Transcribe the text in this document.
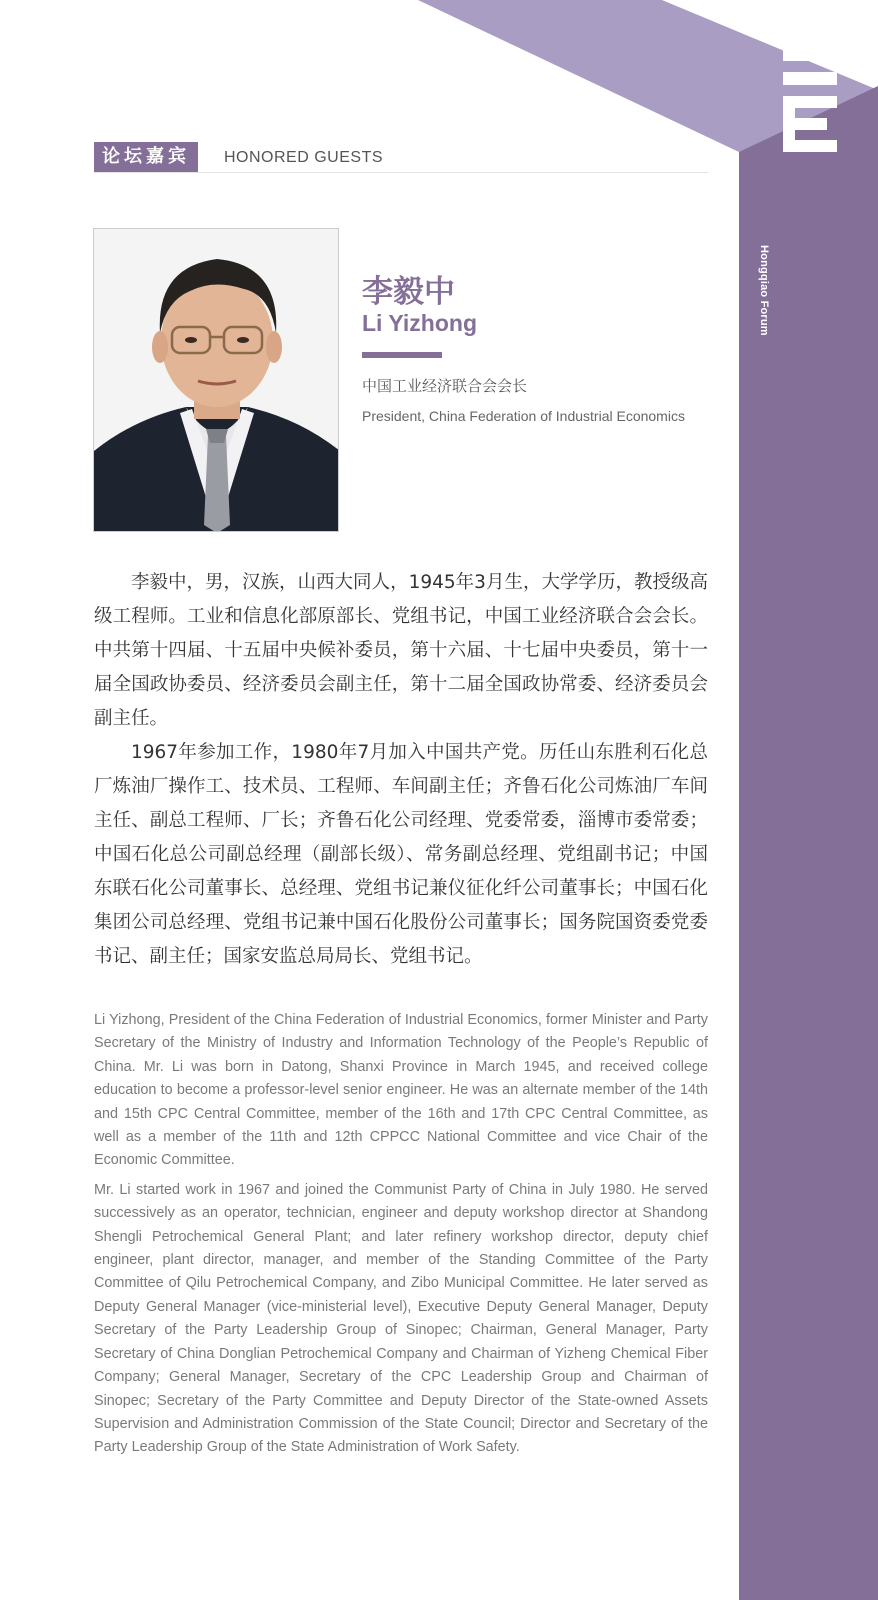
Hongqiao Forum
论坛嘉宾	HONORED GUESTS
李毅中
Li Yizhong
中国工业经济联合会会长
President, China Federation of Industrial Economics

李毅中，男，汉族，山西大同人，1945年3月生，大学学历，教授级高级工程师。工业和信息化部原部长、党组书记，中国工业经济联合会会长。中共第十四届、十五届中央候补委员，第十六届、十七届中央委员，第十一届全国政协委员、经济委员会副主任，第十二届全国政协常委、经济委员会副主任。

1967年参加工作，1980年7月加入中国共产党。历任山东胜利石化总厂炼油厂操作工、技术员、工程师、车间副主任；齐鲁石化公司炼油厂车间主任、副总工程师、厂长；齐鲁石化公司经理、党委常委，淄博市委常委；中国石化总公司副总经理（副部长级）、常务副总经理、党组副书记；中国东联石化公司董事长、总经理、党组书记兼仪征化纤公司董事长；中国石化集团公司总经理、党组书记兼中国石化股份公司董事长；国务院国资委党委书记、副主任；国家安监总局局长、党组书记。

Li Yizhong, President of the China Federation of Industrial Economics, former Minister and Party Secretary of the Ministry of Industry and Information Technology of the People’s Republic of China. Mr. Li was born in Datong, Shanxi Province in March 1945, and received college education to become a professor-level senior engineer. He was an alternate member of the 14th and 15th CPC Central Committee, member of the 16th and 17th CPC Central Committee, as well as a member of the 11th and 12th CPPCC National Committee and vice Chair of the Economic Committee.

Mr. Li started work in 1967 and joined the Communist Party of China in July 1980. He served successively as an operator, technician, engineer and deputy workshop director at Shandong Shengli Petrochemical General Plant; and later refinery workshop director, deputy chief engineer, plant director, manager, and member of the Standing Committee of the Party Committee of Qilu Petrochemical Company, and Zibo Municipal Committee. He later served as Deputy General Manager (vice-ministerial level), Executive Deputy General Manager, Deputy Secretary of the Party Leadership Group of Sinopec; Chairman, General Manager, Party Secretary of China Donglian Petrochemical Company and Chairman of Yizheng Chemical Fiber Company; General Manager, Secretary of the CPC Leadership Group and Chairman of Sinopec; Secretary of the Party Committee and Deputy Director of the State-owned Assets Supervision and Administration Commission of the State Council; Director and Secretary of the Party Leadership Group of the State Administration of Work Safety.
